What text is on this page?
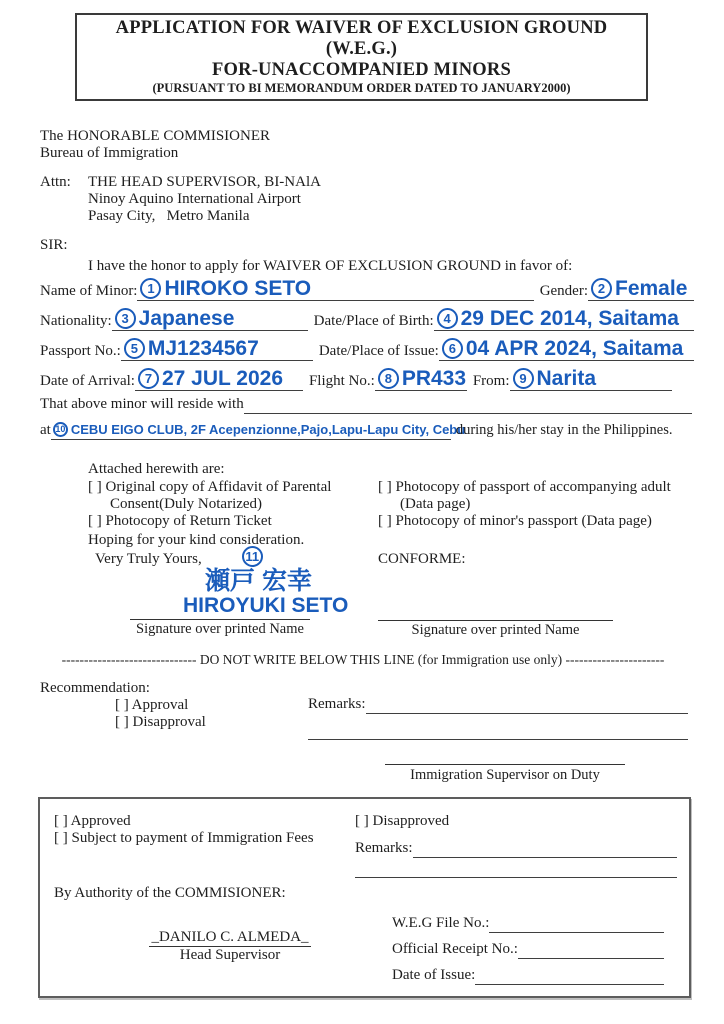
APPLICATION FOR WAIVER OF EXCLUSION GROUND (W.E.G.)
FOR-UNACCOMPANIED MINORS
(PURSUANT TO BI MEMORANDUM ORDER DATED TO JANUARY2000)
The HONORABLE COMMISIONER
Bureau of Immigration
Attn:	THE HEAD SUPERVISOR, BI-NAlA
Ninoy Aquino International Airport
Pasay City,   Metro Manila
SIR:
I have the honor to apply for WAIVER OF EXCLUSION GROUND in favor of:
Name of Minor: 1 HIROKO SETO	Gender: 2 Female
Nationality: 3 Japanese	Date/Place of Birth: 4 29 DEC 2014, Saitama
Passport No.: 5 MJ1234567	Date/Place of Issue: 6 04 APR 2024, Saitama
Date of Arrival: 7 27 JUL 2026 Flight No.: 8 PR433 From: 9 Narita
That above minor will reside with
at 10 CEBU EIGO CLUB, 2F Acepenzionne,Pajo,Lapu-Lapu City, Cebu
during his/her stay in the Philippines.
Attached herewith are:
[ ] Original copy of Affidavit of Parental
Consent(Duly Notarized)
[ ] Photocopy of Return Ticket
[ ] Photocopy of passport of accompanying adult
(Data page)
[ ] Photocopy of minor's passport (Data page)
Hoping for your kind consideration.
Very Truly Yours,	11
瀬戸 宏幸
HIROYUKI SETO
Signature over printed Name
CONFORME:
Signature over printed Name
------------------------------ DO NOT WRITE BELOW THIS LINE (for Immigration use only) ----------------------
Recommendation:
[ ] Approval
[ ] Disapproval
Remarks:
Immigration Supervisor on Duty
[ ] Approved
[ ] Subject to payment of Immigration Fees
[ ] Disapproved
Remarks:
By Authority of the COMMISIONER:
_DANILO C. ALMEDA_
Head Supervisor
W.E.G File No.:
Official Receipt No.:
Date of Issue:
